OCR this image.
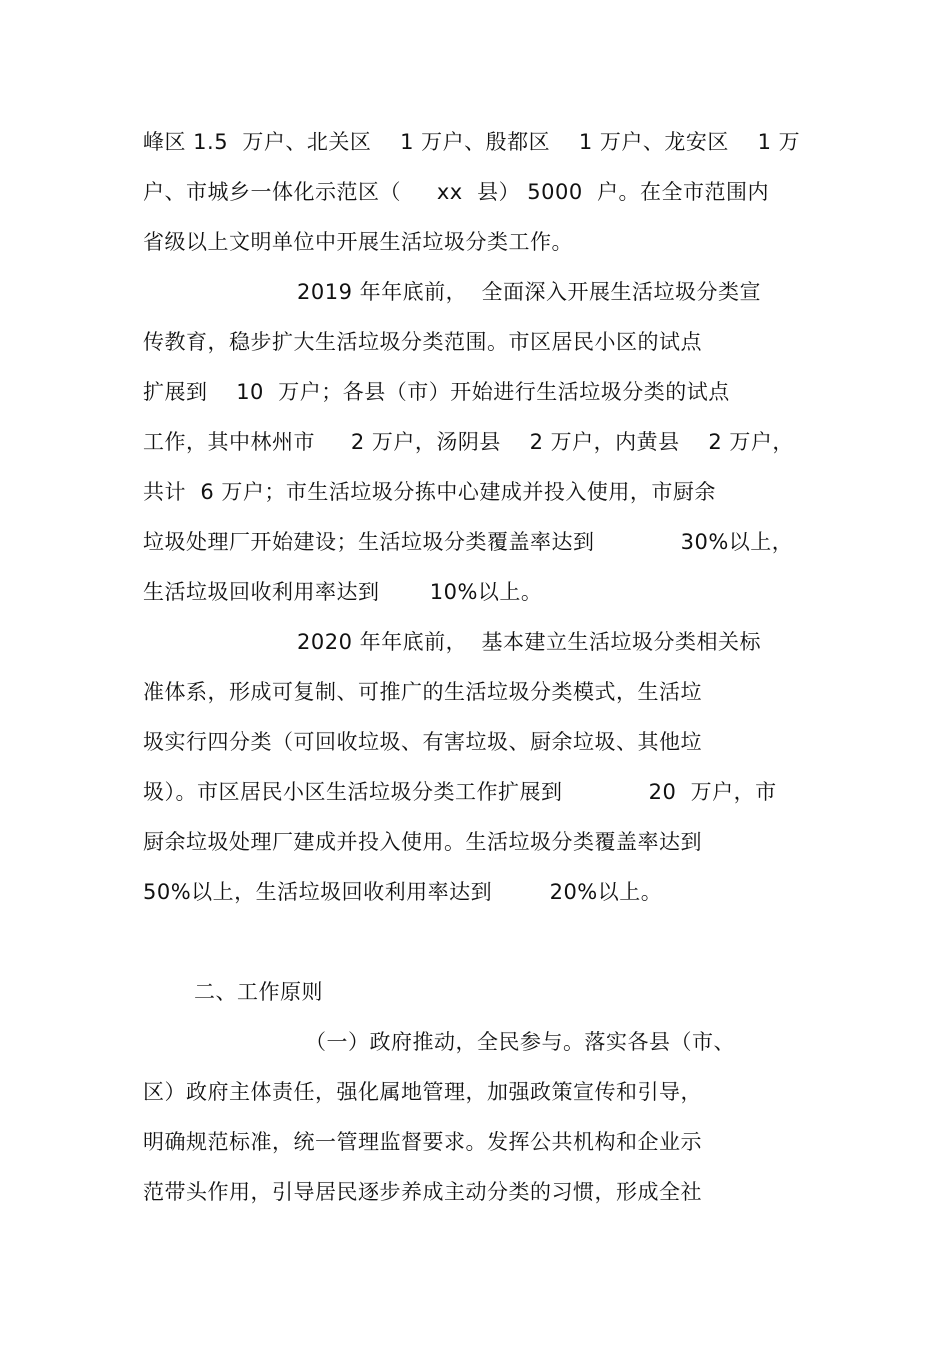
峰区 1.5  万户、北关区    1 万户、殷都区    1 万户、龙安区    1 万
户、市城乡一体化示范区（     xx  县） 5000  户。在全市范围内
省级以上文明单位中开展生活垃圾分类工作。
2019 年年底前，  全面深入开展生活垃圾分类宣
传教育，稳步扩大生活垃圾分类范围。市区居民小区的试点
扩展到    10  万户；各县（市）开始进行生活垃圾分类的试点
工作，其中林州市     2 万户，汤阴县    2 万户，内黄县    2 万户，
共计  6 万户；市生活垃圾分拣中心建成并投入使用，市厨余
垃圾处理厂开始建设；生活垃圾分类覆盖率达到            30%以上，
生活垃圾回收利用率达到       10%以上。
2020 年年底前，  基本建立生活垃圾分类相关标
准体系，形成可复制、可推广的生活垃圾分类模式，生活垃
圾实行四分类（可回收垃圾、有害垃圾、厨余垃圾、其他垃
圾）。市区居民小区生活垃圾分类工作扩展到            20  万户，市
厨余垃圾处理厂建成并投入使用。生活垃圾分类覆盖率达到
50%以上，生活垃圾回收利用率达到        20%以上。
二、工作原则
（一）政府推动，全民参与。落实各县（市、
区）政府主体责任，强化属地管理，加强政策宣传和引导，
明确规范标准，统一管理监督要求。发挥公共机构和企业示
范带头作用，引导居民逐步养成主动分类的习惯，形成全社
